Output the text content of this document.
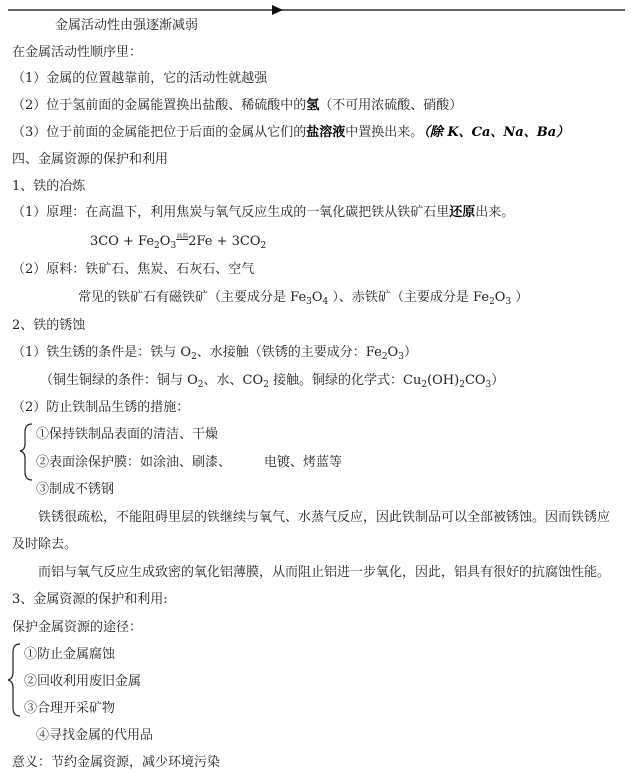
金属活动性由强逐渐减弱
在金属活动性顺序里：
（1）金属的位置越靠前，它的活动性就越强
（2）位于氢前面的金属能置换出盐酸、稀硫酸中的氢（不可用浓硫酸、硝酸）
（3）位于前面的金属能把位于后面的金属从它们的盐溶液中置换出来。（除 K、Ca、Na、Ba）
四、金属资源的保护和利用
1、铁的冶炼
（1）原理：在高温下，利用焦炭与氧气反应生成的一氧化碳把铁从铁矿石里还原出来。
$3CO + Fe_2O_3^{高温}2Fe + 3CO_2$
（2）原料：铁矿石、焦炭、石灰石、空气
常见的铁矿石有磁铁矿（主要成分是 $Fe_3O_4$ ）、赤铁矿（主要成分是 $Fe_2O_3$ ）
2、铁的锈蚀
（1）铁生锈的条件是：铁与 $O_2$、水接触（铁锈的主要成分：$Fe_2O_3$）
（铜生铜绿的条件：铜与 $O_2$、水、$CO_2$ 接触。铜绿的化学式：$Cu_2(OH)_2CO_3$）
（2）防止铁制品生锈的措施：
①保持铁制品表面的清洁、干燥
②表面涂保护膜：如涂油、刷漆、        电镀、烤蓝等
③制成不锈钢
铁锈很疏松，不能阻碍里层的铁继续与氧气、水蒸气反应，因此铁制品可以全部被锈蚀。因而铁锈应
及时除去。
而铝与氧气反应生成致密的氧化铝薄膜，从而阻止铝进一步氧化，因此，铝具有很好的抗腐蚀性能。
3、金属资源的保护和利用:
保护金属资源的途径：
①防止金属腐蚀
②回收利用废旧金属
③合理开采矿物
④寻找金属的代用品
意义：节约金属资源，减少环境污染
